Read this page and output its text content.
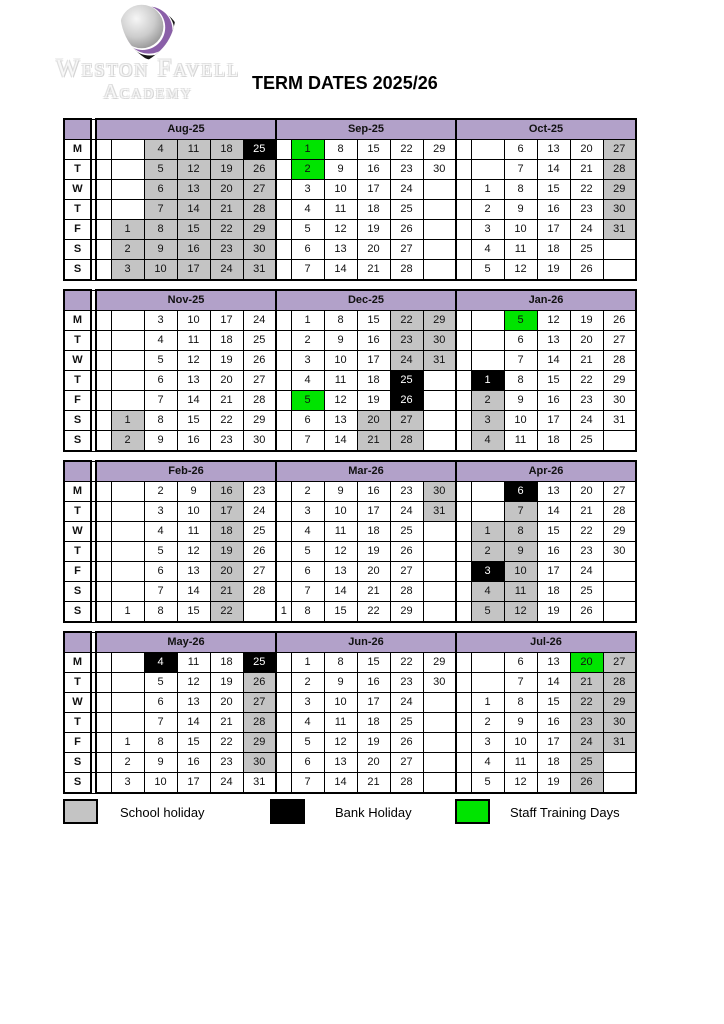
Weston Favell
Academy	TERM DATES 2025/26
		Aug-25						Sep-25						Oct-25					
M				4	11	18	25		1	8	15	22	29			6	13	20	27
T				5	12	19	26		2	9	16	23	30			7	14	21	28
W				6	13	20	27		3	10	17	24			1	8	15	22	29
T				7	14	21	28		4	11	18	25			2	9	16	23	30
F			1	8	15	22	29		5	12	19	26			3	10	17	24	31
S			2	9	16	23	30		6	13	20	27			4	11	18	25	
S			3	10	17	24	31		7	14	21	28			5	12	19	26	
		Nov-25						Dec-25						Jan-26					
M				3	10	17	24		1	8	15	22	29			5	12	19	26
T				4	11	18	25		2	9	16	23	30			6	13	20	27
W				5	12	19	26		3	10	17	24	31			7	14	21	28
T				6	13	20	27		4	11	18	25			1	8	15	22	29
F				7	14	21	28		5	12	19	26			2	9	16	23	30
S			1	8	15	22	29		6	13	20	27			3	10	17	24	31
S			2	9	16	23	30		7	14	21	28			4	11	18	25	
		Feb-26						Mar-26						Apr-26					
M				2	9	16	23		2	9	16	23	30			6	13	20	27
T				3	10	17	24		3	10	17	24	31			7	14	21	28
W				4	11	18	25		4	11	18	25			1	8	15	22	29
T				5	12	19	26		5	12	19	26			2	9	16	23	30
F				6	13	20	27		6	13	20	27			3	10	17	24	
S				7	14	21	28		7	14	21	28			4	11	18	25	
S			1	8	15	22		1	8	15	22	29			5	12	19	26	
		May-26						Jun-26						Jul-26					
M				4	11	18	25		1	8	15	22	29			6	13	20	27
T				5	12	19	26		2	9	16	23	30			7	14	21	28
W				6	13	20	27		3	10	17	24			1	8	15	22	29
T				7	14	21	28		4	11	18	25			2	9	16	23	30
F			1	8	15	22	29		5	12	19	26			3	10	17	24	31
S			2	9	16	23	30		6	13	20	27			4	11	18	25	
S			3	10	17	24	31		7	14	21	28			5	12	19	26	
School holiday	Bank Holiday	Staff Training Days
